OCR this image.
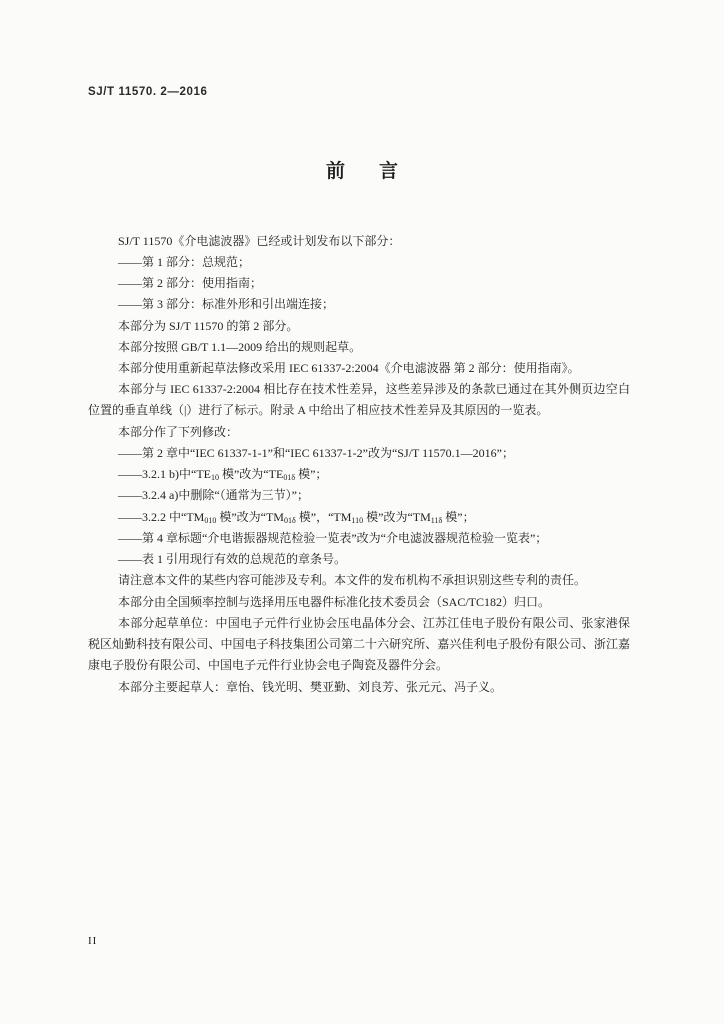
SJ/T 11570. 2—2016
前言
SJ/T 11570《介电滤波器》已经或计划发布以下部分：
——第 1 部分：总规范；
——第 2 部分：使用指南；
——第 3 部分：标准外形和引出端连接；
本部分为 SJ/T 11570 的第 2 部分。
本部分按照 GB/T 1.1—2009 给出的规则起草。
本部分使用重新起草法修改采用 IEC 61337-2:2004《介电滤波器 第 2 部分：使用指南》。
本部分与 IEC 61337-2:2004 相比存在技术性差异，这些差异涉及的条款已通过在其外侧页边空白
位置的垂直单线（|）进行了标示。附录 A 中给出了相应技术性差异及其原因的一览表。
本部分作了下列修改：
——第 2 章中“IEC 61337-1-1”和“IEC 61337-1-2”改为“SJ/T 11570.1—2016”；
——3.2.1 b)中“$TE_{10}$ 模”改为“$TE_{01\delta}$ 模”；
——3.2.4 a)中删除“（通常为三节）”；
——3.2.2 中“$TM_{010}$ 模”改为“$TM_{01\delta}$ 模”，“$TM_{110}$ 模”改为“$TM_{11\delta}$ 模”；
——第 4 章标题“介电谐振器规范检验一览表”改为“介电滤波器规范检验一览表”；
——表 1 引用现行有效的总规范的章条号。
请注意本文件的某些内容可能涉及专利。本文件的发布机构不承担识别这些专利的责任。
本部分由全国频率控制与选择用压电器件标准化技术委员会（SAC/TC182）归口。
本部分起草单位：中国电子元件行业协会压电晶体分会、江苏江佳电子股份有限公司、张家港保
税区灿勤科技有限公司、中国电子科技集团公司第二十六研究所、嘉兴佳利电子股份有限公司、浙江嘉
康电子股份有限公司、中国电子元件行业协会电子陶瓷及器件分会。
本部分主要起草人：章怡、钱光明、樊亚勤、刘良芳、张元元、冯子义。
II
